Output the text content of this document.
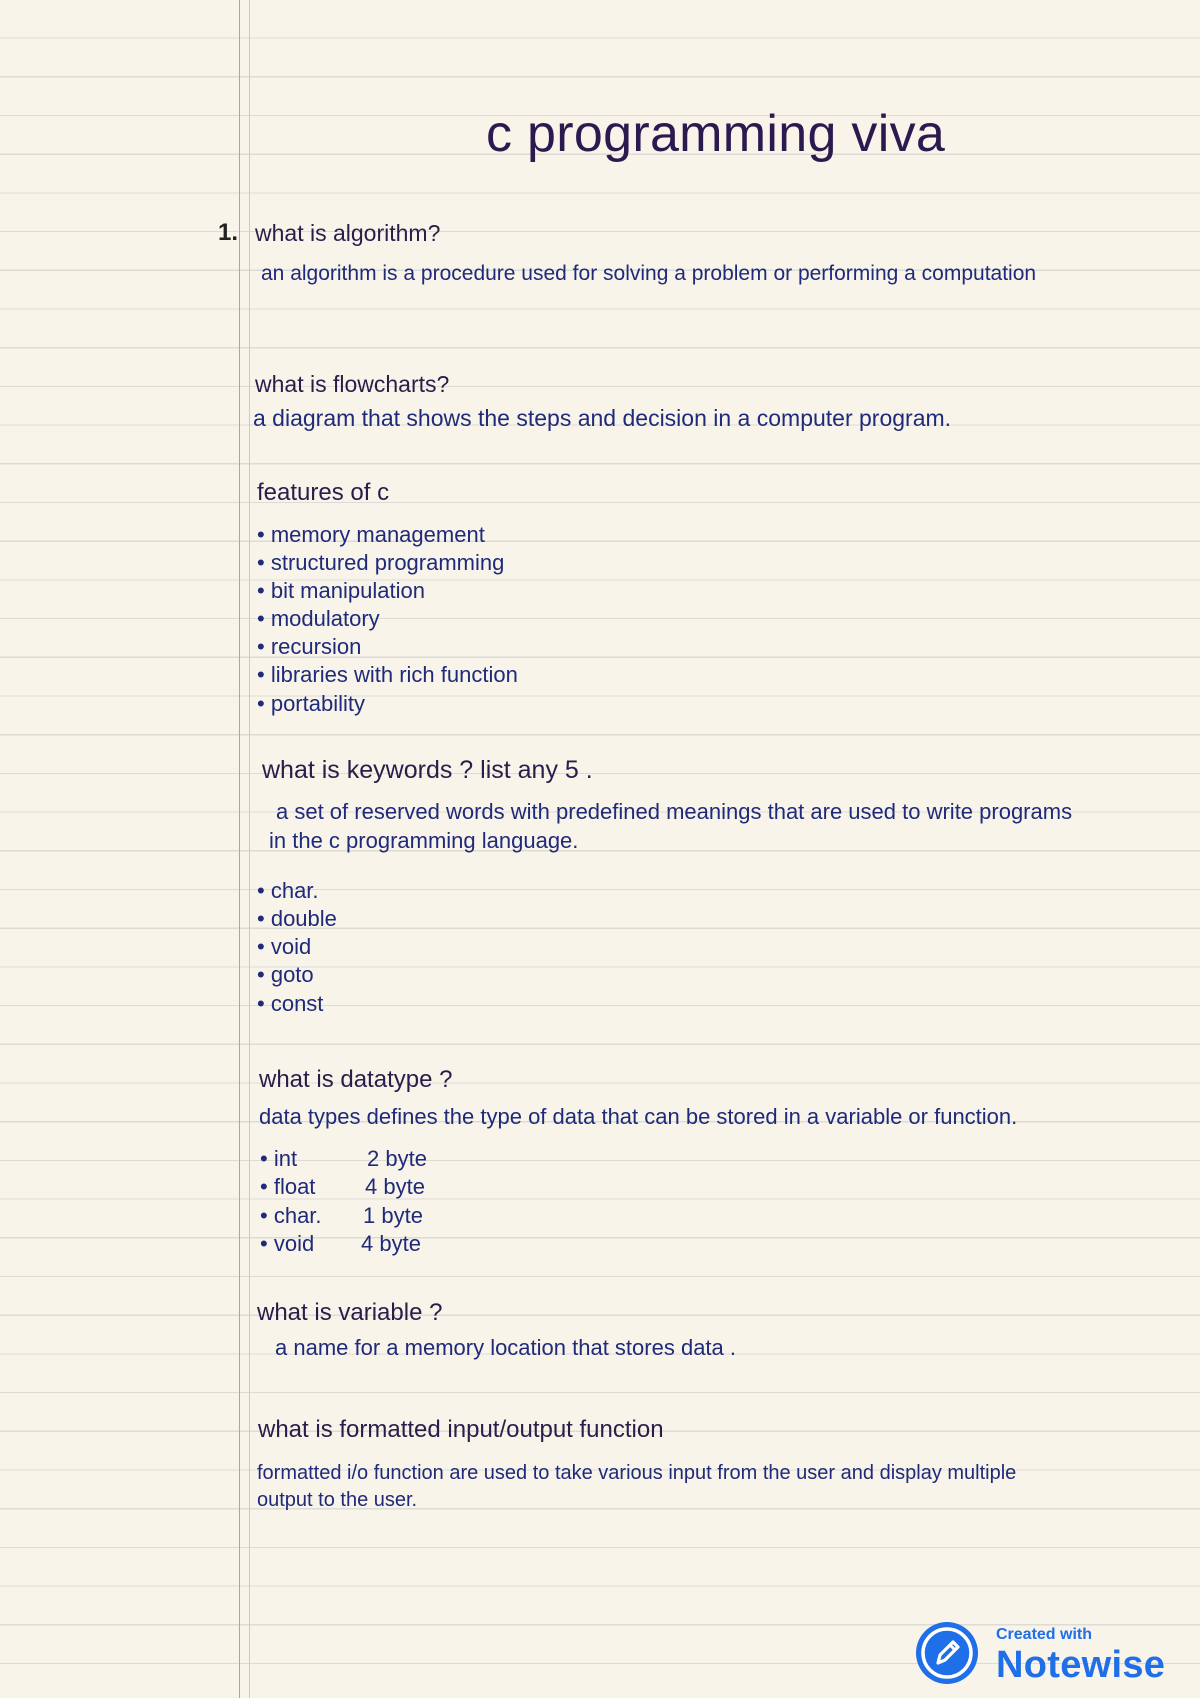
c programming viva
1. what is algorithm?
an algorithm is a procedure used for solving a problem or performing a computation
what is flowcharts?
a diagram that shows the steps and decision in a computer program.
features of c
• memory management
• structured programming
• bit manipulation
• modulatory
• recursion
• libraries with rich function
• portability
what is keywords ? list any 5 .
a set of reserved words with predefined meanings that are used to write programs
in the c programming language.
• char.
• double
• void
• goto
• const
what is datatype ?
data types defines the type of data that can be stored in a variable or function.
• int	2 byte
• float 4 byte
• char. 1 byte
• void 4 byte
what is variable ?
a name for a memory location that stores data .
what is formatted input/output function
formatted i/o function are used to take various input from the user and display multiple
output to the user.
Created with
Notewise
